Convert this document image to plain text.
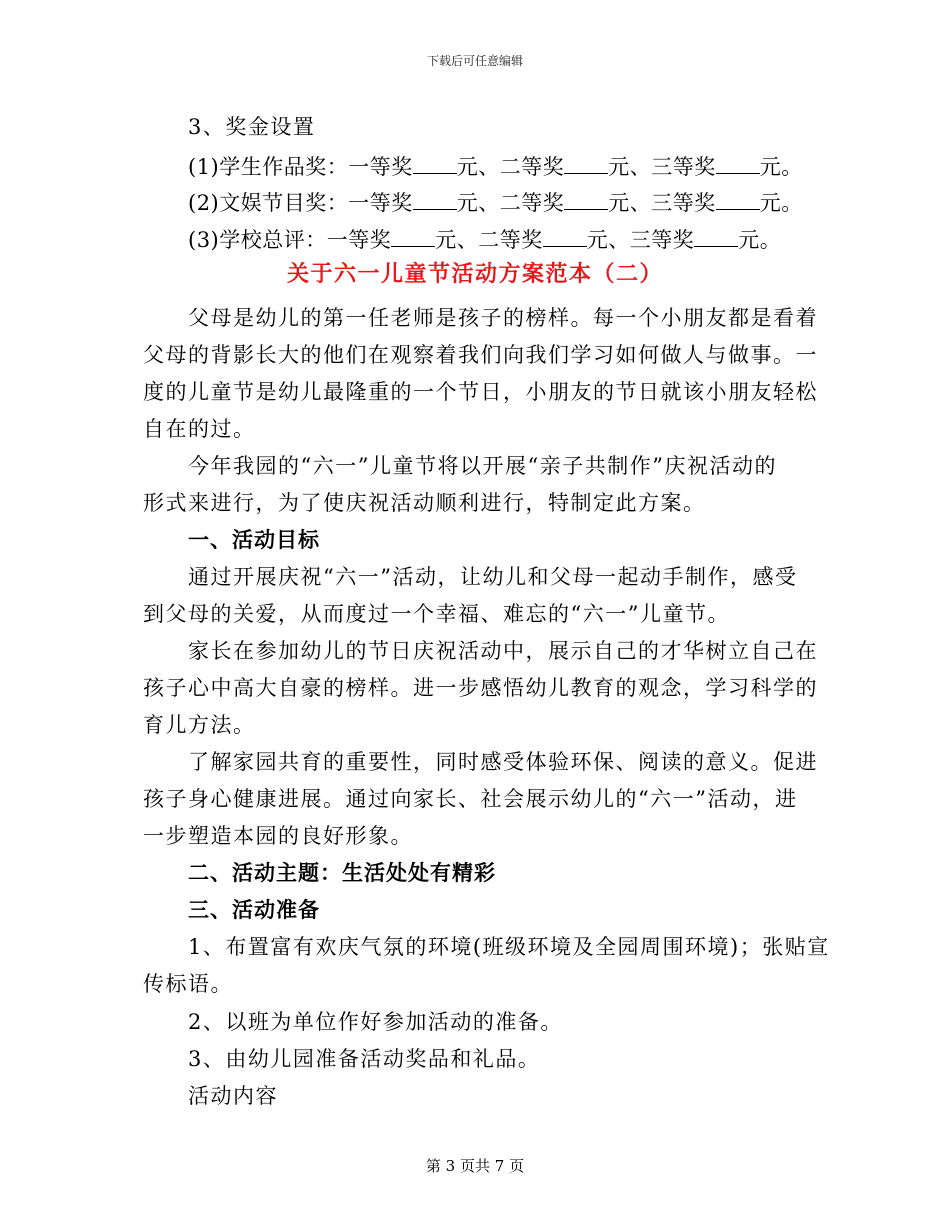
下载后可任意编辑
3、奖金设置
(1)学生作品奖：一等奖 元、二等奖 元、三等奖 元。
(2)文娱节目奖：一等奖 元、二等奖 元、三等奖 元。
(3)学校总评：一等奖 元、二等奖 元、三等奖 元。
关于六一儿童节活动方案范本（二）
父母是幼儿的第一任老师是孩子的榜样。每一个小朋友都是看着
父母的背影长大的他们在观察着我们向我们学习如何做人与做事。一
度的儿童节是幼儿最隆重的一个节日，小朋友的节日就该小朋友轻松
自在的过。
今年我园的“六一”儿童节将以开展“亲子共制作”庆祝活动的
形式来进行，为了使庆祝活动顺利进行，特制定此方案。
一、活动目标
通过开展庆祝“六一”活动，让幼儿和父母一起动手制作，感受
到父母的关爱，从而度过一个幸福、难忘的“六一”儿童节。
家长在参加幼儿的节日庆祝活动中，展示自己的才华树立自己在
孩子心中高大自豪的榜样。进一步感悟幼儿教育的观念，学习科学的
育儿方法。
了解家园共育的重要性，同时感受体验环保、阅读的意义。促进
孩子身心健康进展。通过向家长、社会展示幼儿的“六一”活动，进
一步塑造本园的良好形象。
二、活动主题：生活处处有精彩
三、活动准备
1、布置富有欢庆气氛的环境(班级环境及全园周围环境)；张贴宣
传标语。
2、以班为单位作好参加活动的准备。
3、由幼儿园准备活动奖品和礼品。
活动内容
第 3 页共 7 页
